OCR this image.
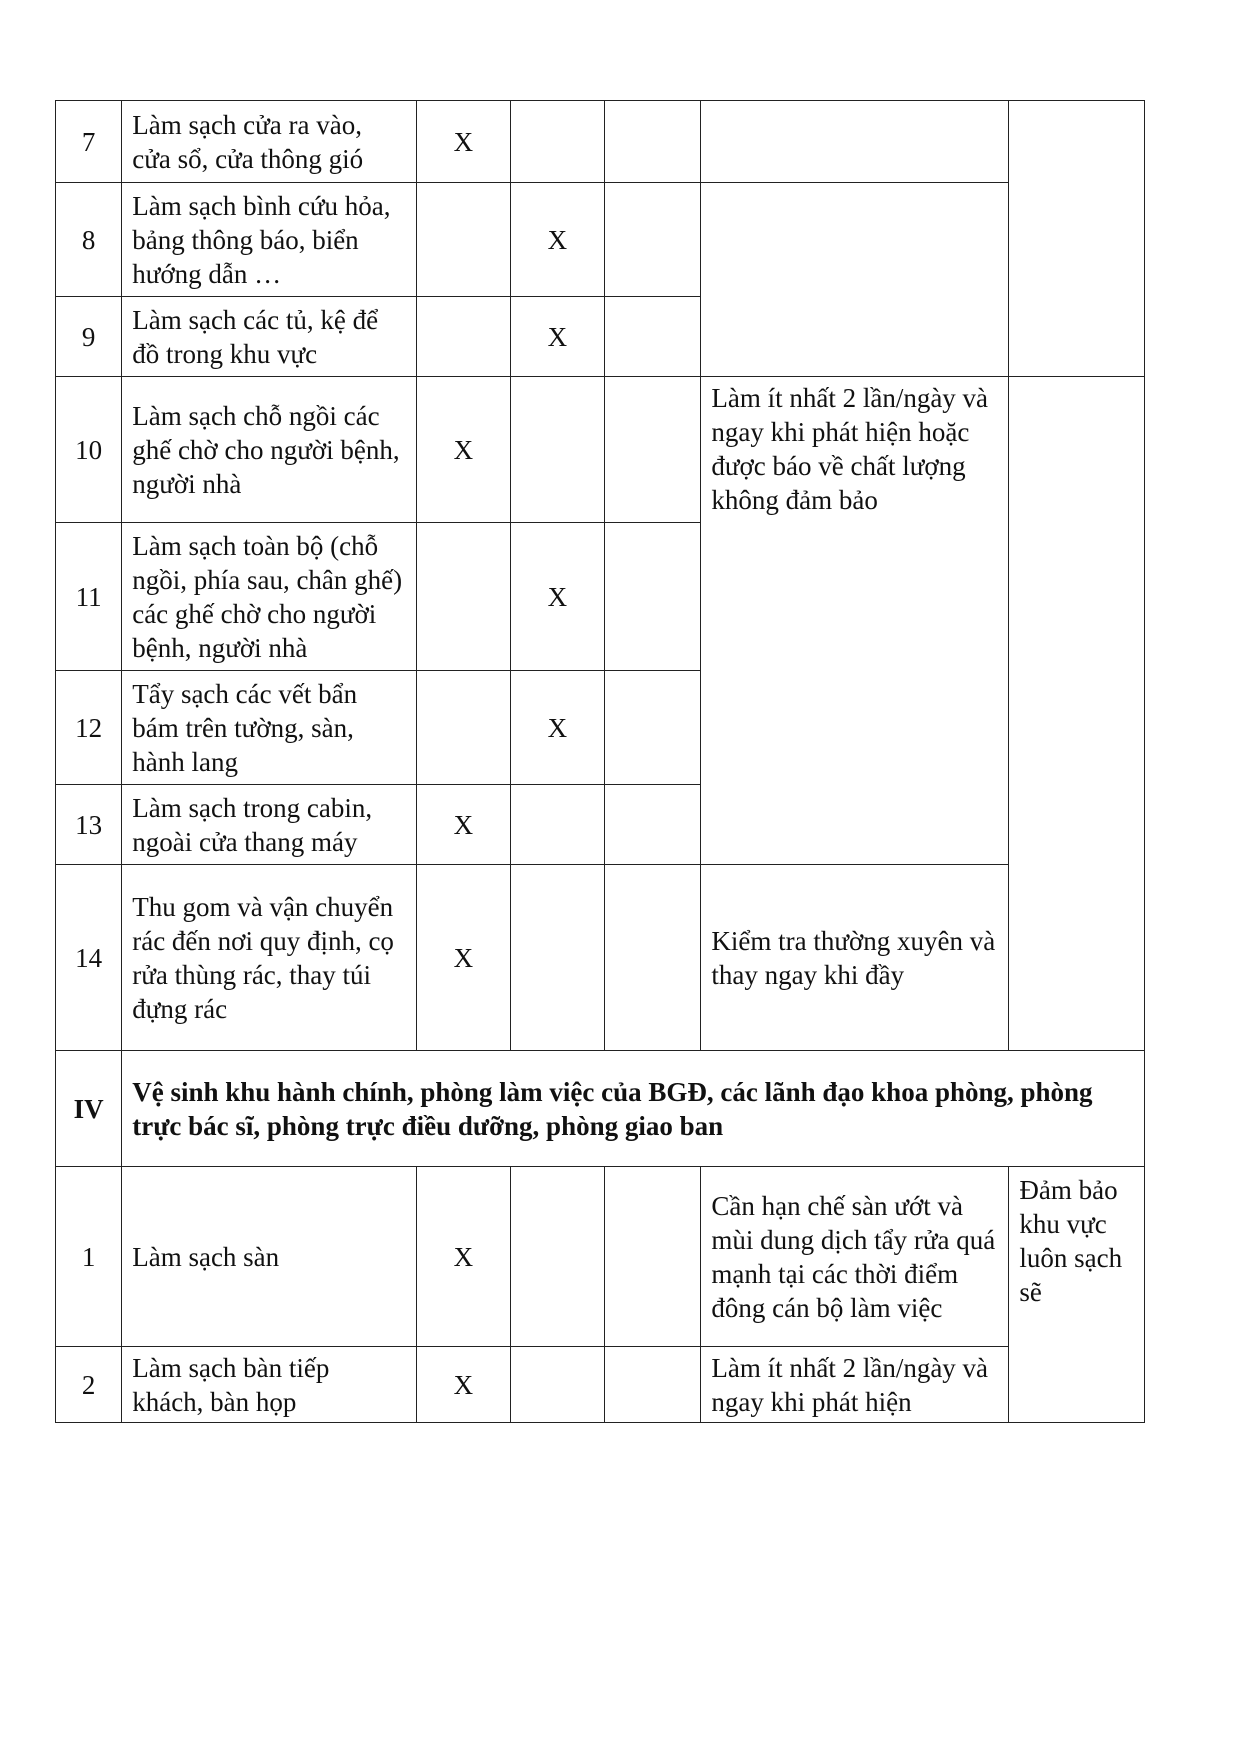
7	Làm sạch cửa ra vào, cửa sổ, cửa thông gió	X				
8	Làm sạch bình cứu hỏa, bảng thông báo, biển hướng dẫn …		X			
9	Làm sạch các tủ, kệ để đồ trong khu vực		X			
10	Làm sạch chỗ ngồi các ghế chờ cho người bệnh, người nhà	X			Làm ít nhất 2 lần/ngày và ngay khi phát hiện hoặc được báo về chất lượng không đảm bảo	
11	Làm sạch toàn bộ (chỗ ngồi, phía sau, chân ghế) các ghế chờ cho người bệnh, người nhà		X			
12	Tẩy sạch các vết bẩn bám trên tường, sàn, hành lang		X			
13	Làm sạch trong cabin, ngoài cửa thang máy	X				
14	Thu gom và vận chuyển rác đến nơi quy định, cọ rửa thùng rác, thay túi đựng rác	X			Kiểm tra thường xuyên và thay ngay khi đầy	
IV	Vệ sinh khu hành chính, phòng làm việc của BGĐ, các lãnh đạo khoa phòng, phòng trực bác sĩ, phòng trực điều dưỡng, phòng giao ban					
1	Làm sạch sàn	X			Cần hạn chế sàn ướt và mùi dung dịch tẩy rửa quá mạnh tại các thời điểm đông cán bộ làm việc	Đảm bảo khu vực luôn sạch sẽ
2	Làm sạch bàn tiếp khách, bàn họp	X			Làm ít nhất 2 lần/ngày và ngay khi phát hiện	
